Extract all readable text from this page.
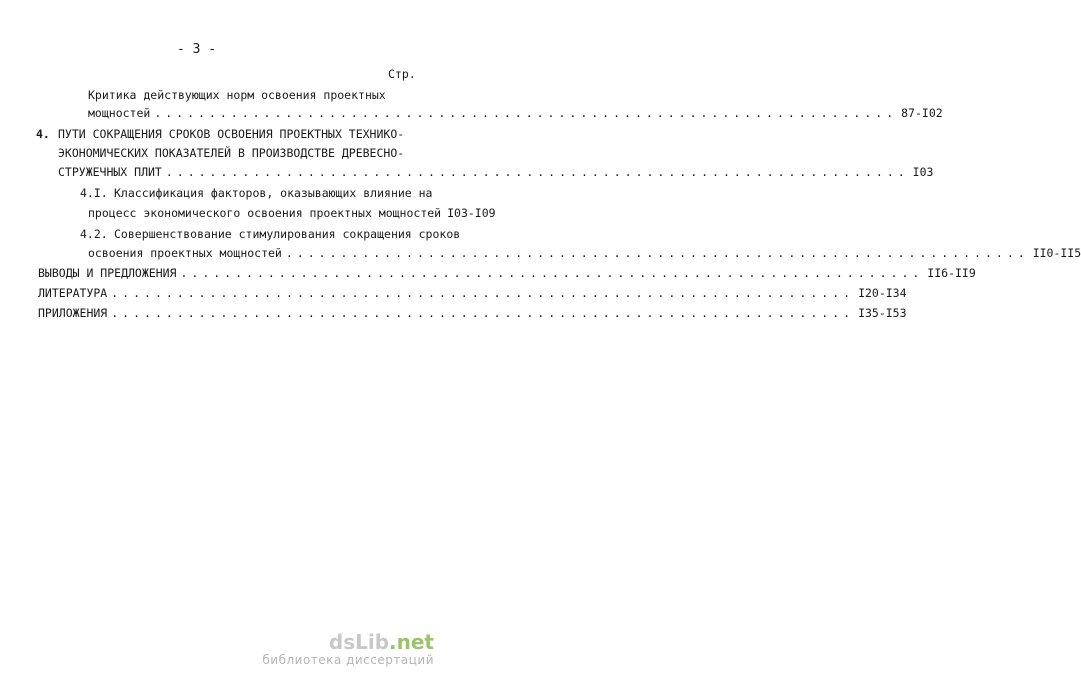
- 3 -
Стр.
Критика действующих норм освоения проектных
мощностей .................................................................... 87-I02
4. ПУТИ СОКРАЩЕНИЯ СРОКОВ ОСВОЕНИЯ ПРОЕКТНЫХ ТЕХНИКО-
ЭКОНОМИЧЕСКИХ ПОКАЗАТЕЛЕЙ В ПРОИЗВОДСТВЕ ДРЕВЕСНО-
СТРУЖЕЧНЫХ ПЛИТ .................................................................... I03
4.I. Классификация факторов, оказывающих влияние на
процесс экономического освоения проектных мощностей I03-I09
4.2. Совершенствование стимулирования сокращения сроков
освоения проектных мощностей .................................................................... II0-II5
ВЫВОДЫ И ПРЕДЛОЖЕНИЯ .................................................................... II6-II9
ЛИТЕРАТУРА .................................................................... I20-I34
ПРИЛОЖЕНИЯ .................................................................... I35-I53
dsLib.net
библиотека диссертаций
